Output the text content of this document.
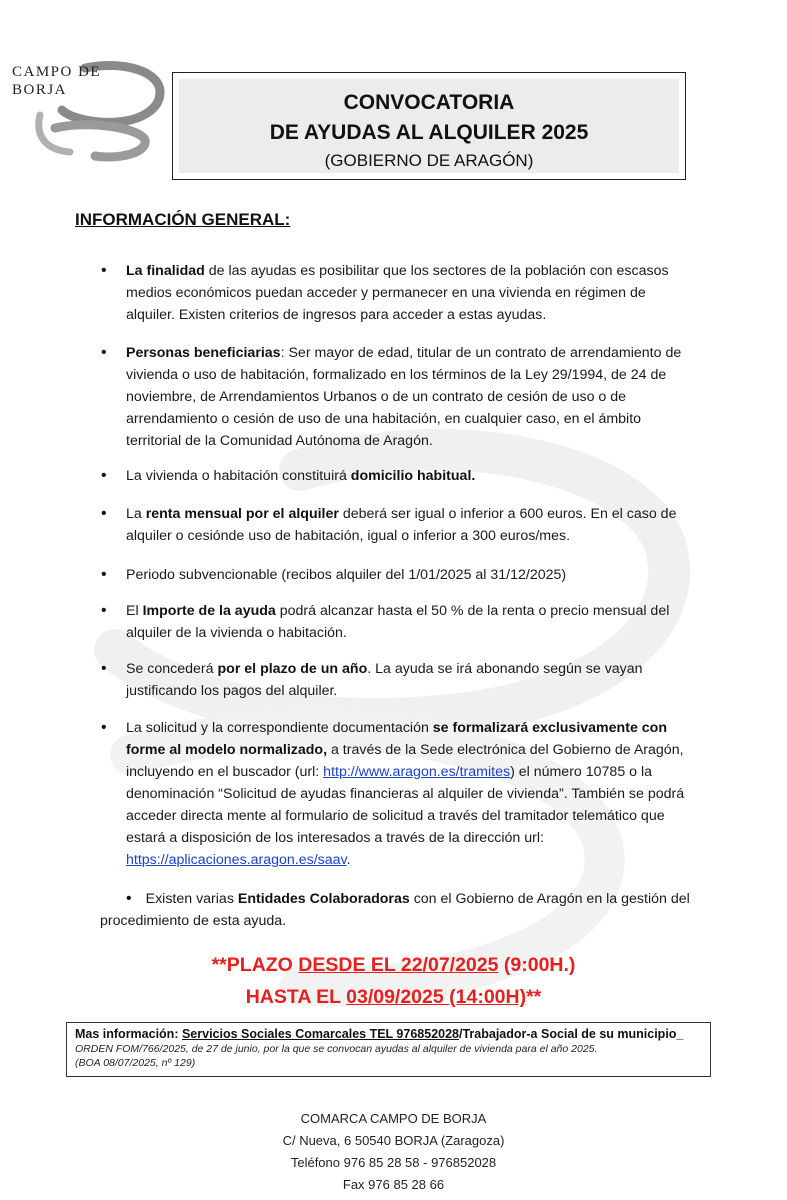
CAMPO DE
BORJA
CONVOCATORIA
DE AYUDAS AL ALQUILER 2025
(GOBIERNO DE ARAGÓN)
INFORMACIÓN GENERAL:
• La finalidad de las ayudas es posibilitar que los sectores de la población con escasos medios económicos puedan acceder y permanecer en una vivienda en régimen de alquiler. Existen criterios de ingresos para acceder a estas ayudas.
• Personas beneficiarias: Ser mayor de edad, titular de un contrato de arrendamiento de vivienda o uso de habitación, formalizado en los términos de la Ley 29/1994, de 24 de noviembre, de Arrendamientos Urbanos o de un contrato de cesión de uso o de arrendamiento o cesión de uso de una habitación, en cualquier caso, en el ámbito territorial de la Comunidad Autónoma de Aragón.
• La vivienda o habitación constituirá domicilio habitual.
• La renta mensual por el alquiler deberá ser igual o inferior a 600 euros. En el caso de alquiler o cesiónde uso de habitación, igual o inferior a 300 euros/mes.
• Periodo subvencionable (recibos alquiler del 1/01/2025 al 31/12/2025)
• El Importe de la ayuda podrá alcanzar hasta el 50 % de la renta o precio mensual del alquiler de la vivienda o habitación.
• Se concederá por el plazo de un año. La ayuda se irá abonando según se vayan justificando los pagos del alquiler.
• La solicitud y la correspondiente documentación se formalizará exclusivamente con forme al modelo normalizado, a través de la Sede electrónica del Gobierno de Aragón, incluyendo en el buscador (url: http://www.aragon.es/tramites) el número 10785 o la denominación “Solicitud de ayudas financieras al alquiler de vivienda”. También se podrá acceder directa mente al formulario de solicitud a través del tramitador telemático que estará a disposición de los interesados a través de la dirección url: https://aplicaciones.aragon.es/saav.
• Existen varias Entidades Colaboradoras con el Gobierno de Aragón en la gestión del procedimiento de esta ayuda.
**PLAZO DESDE EL 22/07/2025 (9:00H.)
HASTA EL 03/09/2025 (14:00H)**
Mas información: Servicios Sociales Comarcales TEL 976852028/Trabajador-a Social de su municipio_
ORDEN FOM/766/2025, de 27 de junio, por la que se convocan ayudas al alquiler de vivienda para el año 2025.
(BOA 08/07/2025, nº 129)
COMARCA CAMPO DE BORJA
C/ Nueva, 6 50540 BORJA (Zaragoza)
Teléfono 976 85 28 58 - 976852028
Fax 976 85 28 66
